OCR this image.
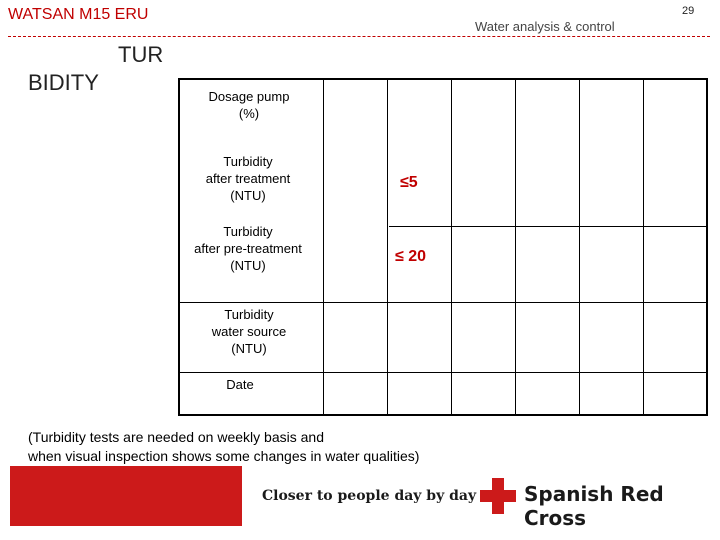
WATSAN M15 ERU
Water analysis & control
29
TUR
BIDITY
Dosage pump
(%)
Turbidity
after treatment
(NTU)
≤5
Turbidity
after pre-treatment
(NTU)
≤ 20
Turbidity
water source
(NTU)
Date
(Turbidity tests are needed on weekly basis and
when visual inspection shows some changes in water qualities)
Closer to people day by day Spanish Red Cross
